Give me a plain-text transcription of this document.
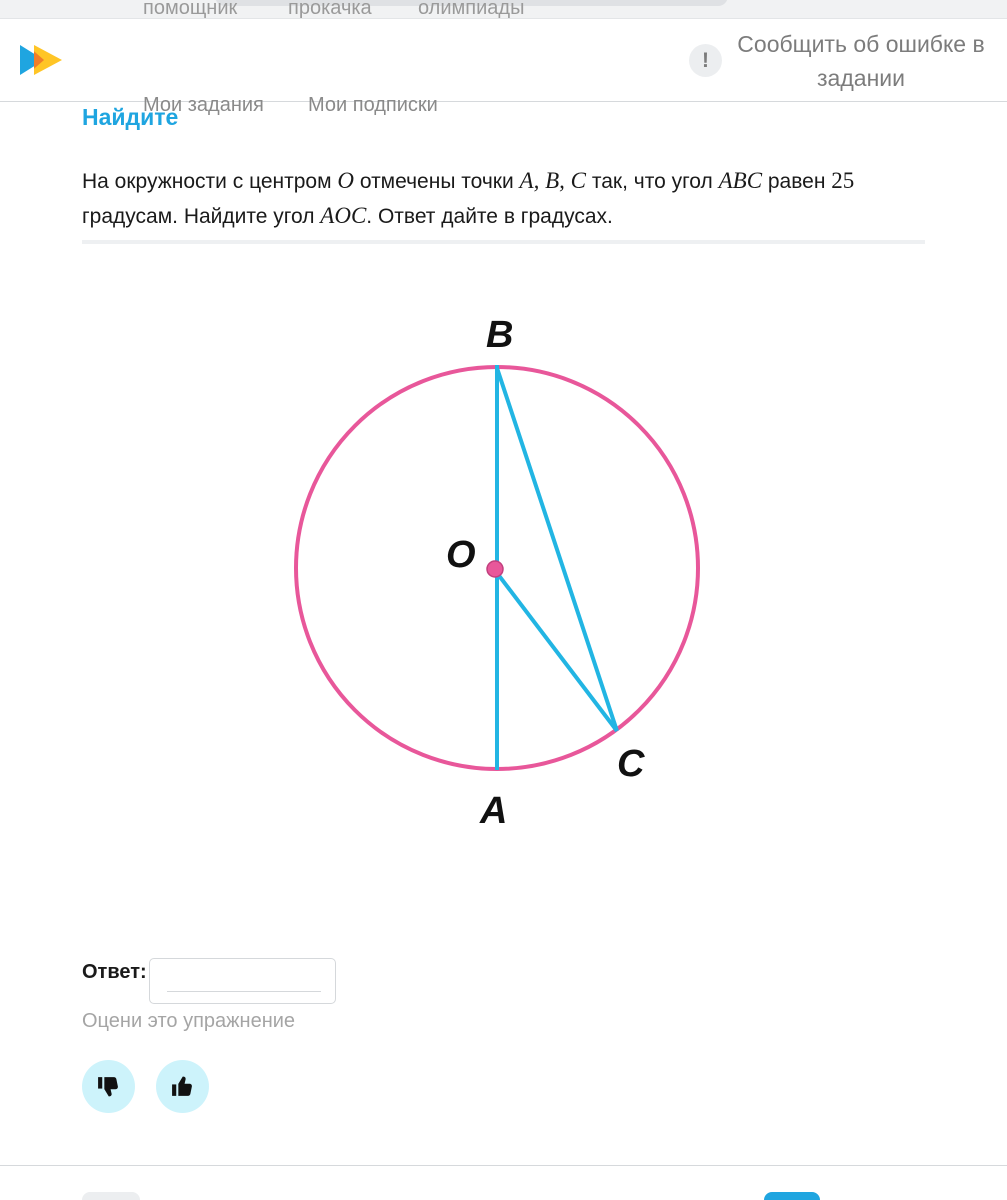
помощник	прокачка олимпиады
!
Сообщить об ошибке в задании
Мои задания Мои подписки
Найдите
На окружности с центром O отмечены точки A, B, C так, что угол ABC равен 25 градусам. Найдите угол AOC. Ответ дайте в градусах.
B
O
C
A
Ответ:
Оцени это упражнение
